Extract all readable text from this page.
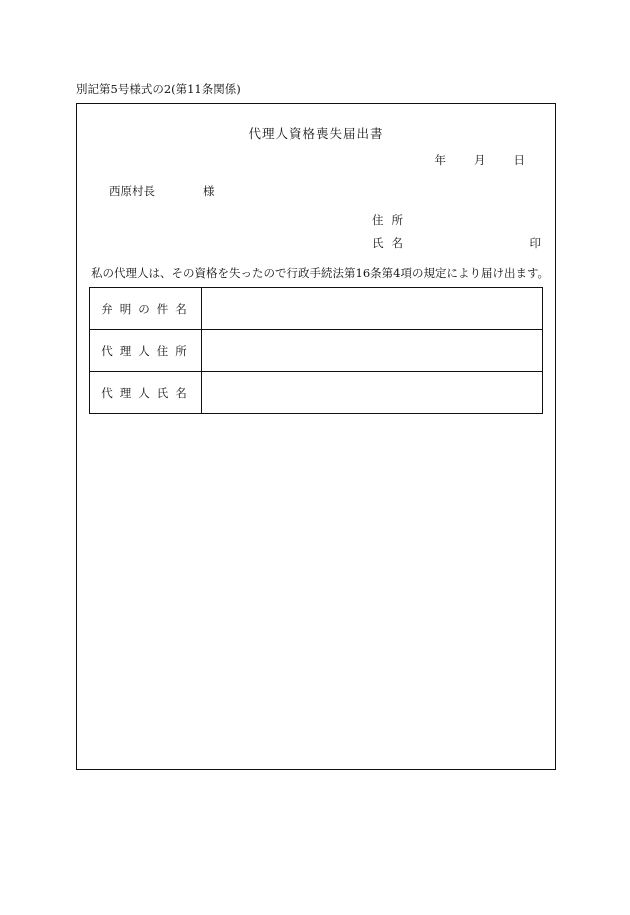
別記第5号様式の2(第11条関係)
代理人資格喪失届出書
年 月 日
西原村長	様
住所
氏名	印
私の代理人は、その資格を失ったので行政手続法第16条第4項の規定により届け出ます。
弁明の件名	
代理人住所	
代理人氏名	
